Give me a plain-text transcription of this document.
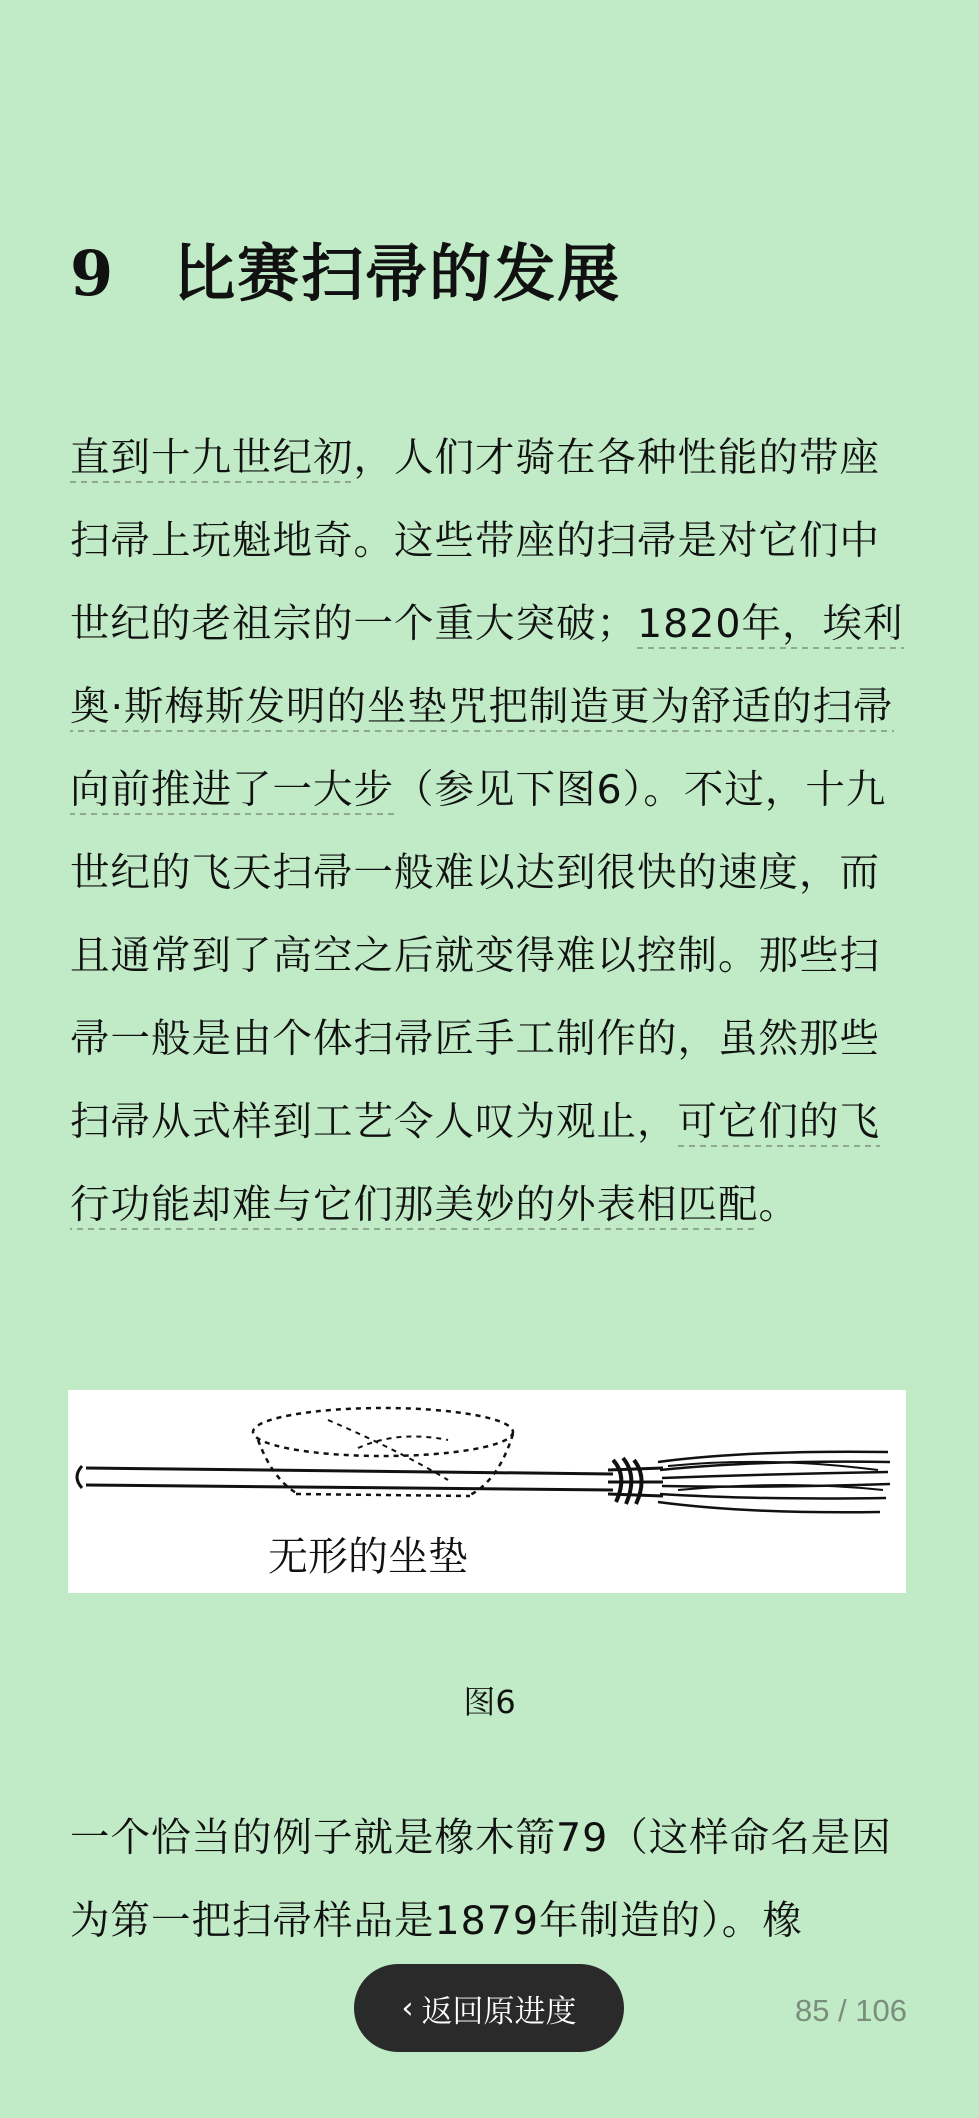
9 比赛扫帚的发展

直到十九世纪初，人们才骑在各种性能的带座扫帚上玩魁地奇。这些带座的扫帚是对它们中世纪的老祖宗的一个重大突破；1820年，埃利奥·斯梅斯发明的坐垫咒把制造更为舒适的扫帚向前推进了一大步（参见下图6）。不过，十九世纪的飞天扫帚一般难以达到很快的速度，而且通常到了高空之后就变得难以控制。那些扫帚一般是由个体扫帚匠手工制作的，虽然那些扫帚从式样到工艺令人叹为观止，可它们的飞行功能却难与它们那美妙的外表相匹配。

无形的坐垫
图6

一个恰当的例子就是橡木箭79（这样命名是因为第一把扫帚样品是1879年制造的）。橡

‹ 返回原进度	85 / 106
